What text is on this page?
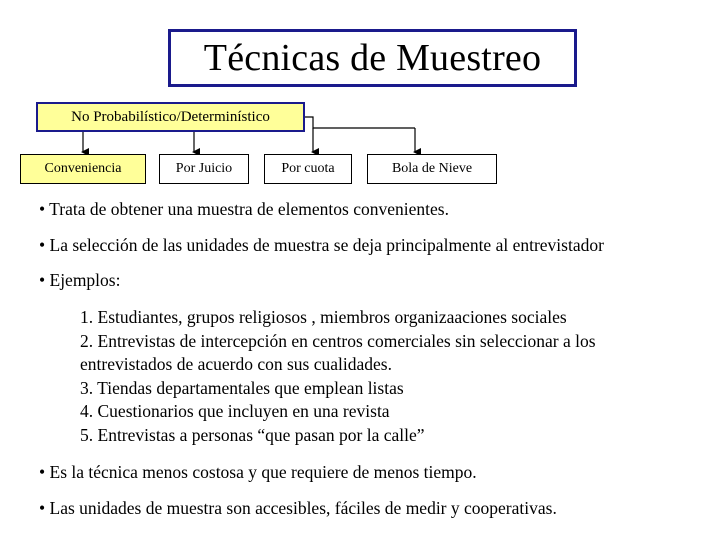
Técnicas de Muestreo
No Probabilístico/Determinístico
Conveniencia	Por Juicio	Por cuota	Bola de Nieve
• Trata de obtener una muestra de elementos convenientes.
• La selección de las unidades de muestra se deja principalmente al entrevistador
• Ejemplos:
1. Estudiantes, grupos religiosos , miembros organizaaciones sociales
2. Entrevistas de intercepción en centros comerciales sin seleccionar a los
entrevistados de acuerdo con sus cualidades.
3. Tiendas departamentales que emplean listas
4. Cuestionarios que incluyen en una revista
5. Entrevistas a personas “que pasan por la calle”
• Es la técnica menos costosa y que requiere de menos tiempo.
• Las unidades de muestra son accesibles, fáciles de medir y cooperativas.
